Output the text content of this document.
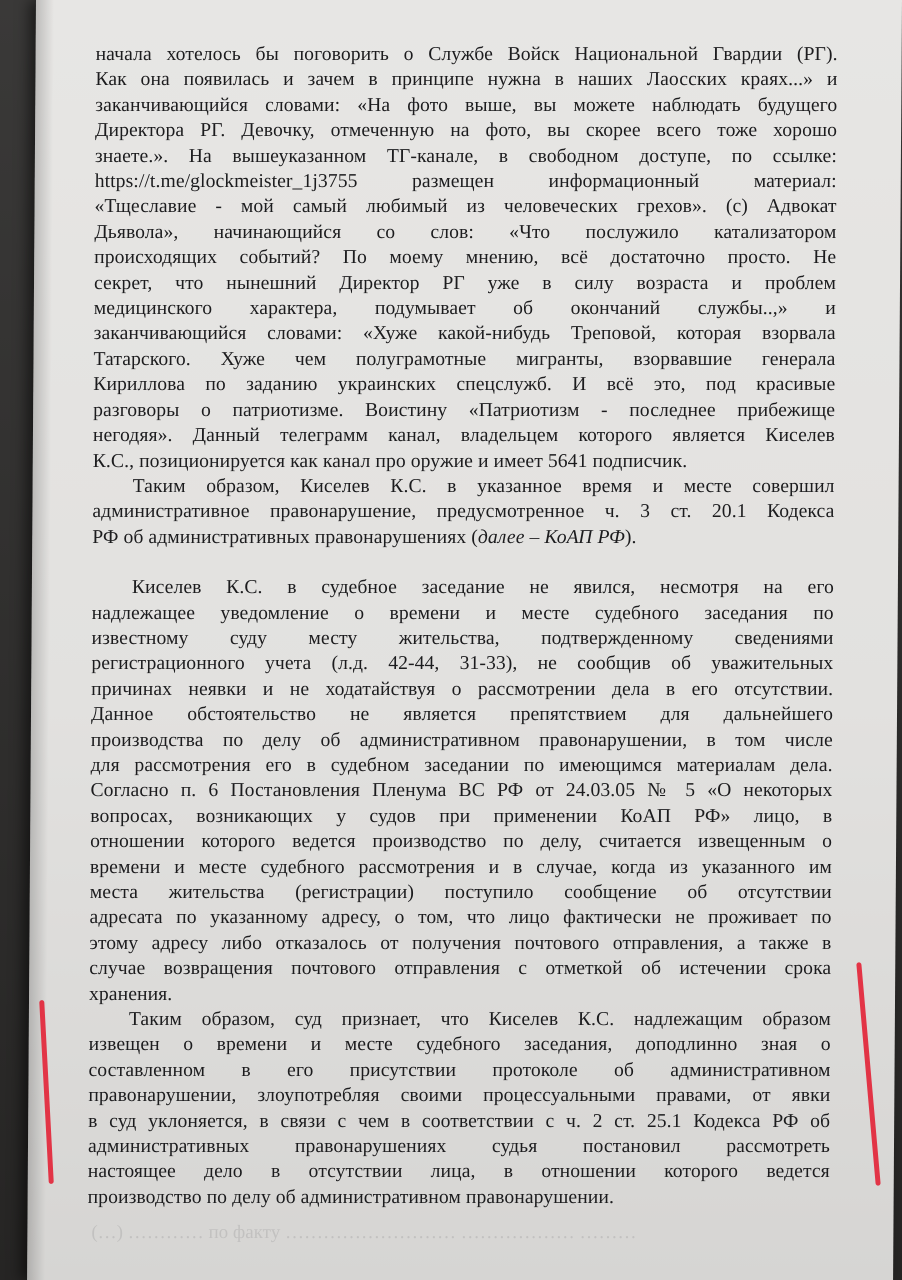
начала хотелось бы поговорить о Службе Войск Национальной Гвардии (РГ).
Как она появилась и зачем в принципе нужна в наших Лаосских краях...» и
заканчивающийся словами: «На фото выше, вы можете наблюдать будущего
Директора РГ. Девочку, отмеченную на фото, вы скорее всего тоже хорошо
знаете.». На вышеуказанном ТГ-канале, в свободном доступе, по ссылке:
https://t.me/glockmeister_1j3755 размещен информационный материал:
«Тщеславие - мой самый любимый из человеческих грехов». (с) Адвокат
Дьявола», начинающийся со слов: «Что послужило катализатором
происходящих событий? По моему мнению, всё достаточно просто. Не
секрет, что нынешний Директор РГ уже в силу возраста и проблем
медицинского характера, подумывает об окончаний службы..,» и
заканчивающийся словами: «Хуже какой-нибудь Треповой, которая взорвала
Татарского. Хуже чем полуграмотные мигранты, взорвавшие генерала
Кириллова по заданию украинских спецслужб. И всё это, под красивые
разговоры о патриотизме. Воистину «Патриотизм - последнее прибежище
негодяя». Данный телеграмм канал, владельцем которого является Киселев
К.С., позиционируется как канал про оружие и имеет 5641 подписчик.
Таким образом, Киселев К.С. в указанное время и месте совершил
административное правонарушение, предусмотренное ч. 3 ст. 20.1 Кодекса
РФ об административных правонарушениях (далее – КоАП РФ).
Киселев К.С. в судебное заседание не явился, несмотря на его
надлежащее уведомление о времени и месте судебного заседания по
известному суду месту жительства, подтвержденному сведениями
регистрационного учета (л.д. 42-44, 31-33), не сообщив об уважительных
причинах неявки и не ходатайствуя о рассмотрении дела в его отсутствии.
Данное обстоятельство не является препятствием для дальнейшего
производства по делу об административном правонарушении, в том числе
для рассмотрения его в судебном заседании по имеющимся материалам дела.
Согласно п. 6 Постановления Пленума ВС РФ от 24.03.05 № 5 «О некоторых
вопросах, возникающих у судов при применении КоАП РФ» лицо, в
отношении которого ведется производство по делу, считается извещенным о
времени и месте судебного рассмотрения и в случае, когда из указанного им
места жительства (регистрации) поступило сообщение об отсутствии
адресата по указанному адресу, о том, что лицо фактически не проживает по
этому адресу либо отказалось от получения почтового отправления, а также в
случае возвращения почтового отправления с отметкой об истечении срока
хранения.
Таким образом, суд признает, что Киселев К.С. надлежащим образом
извещен о времени и месте судебного заседания, доподлинно зная о
составленном в его присутствии протоколе об административном
правонарушении, злоупотребляя своими процессуальными правами, от явки
в суд уклоняется, в связи с чем в соответствии с ч. 2 ст. 25.1 Кодекса РФ об
административных правонарушениях судья постановил рассмотреть
настоящее дело в отсутствии лица, в отношении которого ведется
производство по делу об административном правонарушении.
(…) ………… по факту ……………………… ……………… ………
